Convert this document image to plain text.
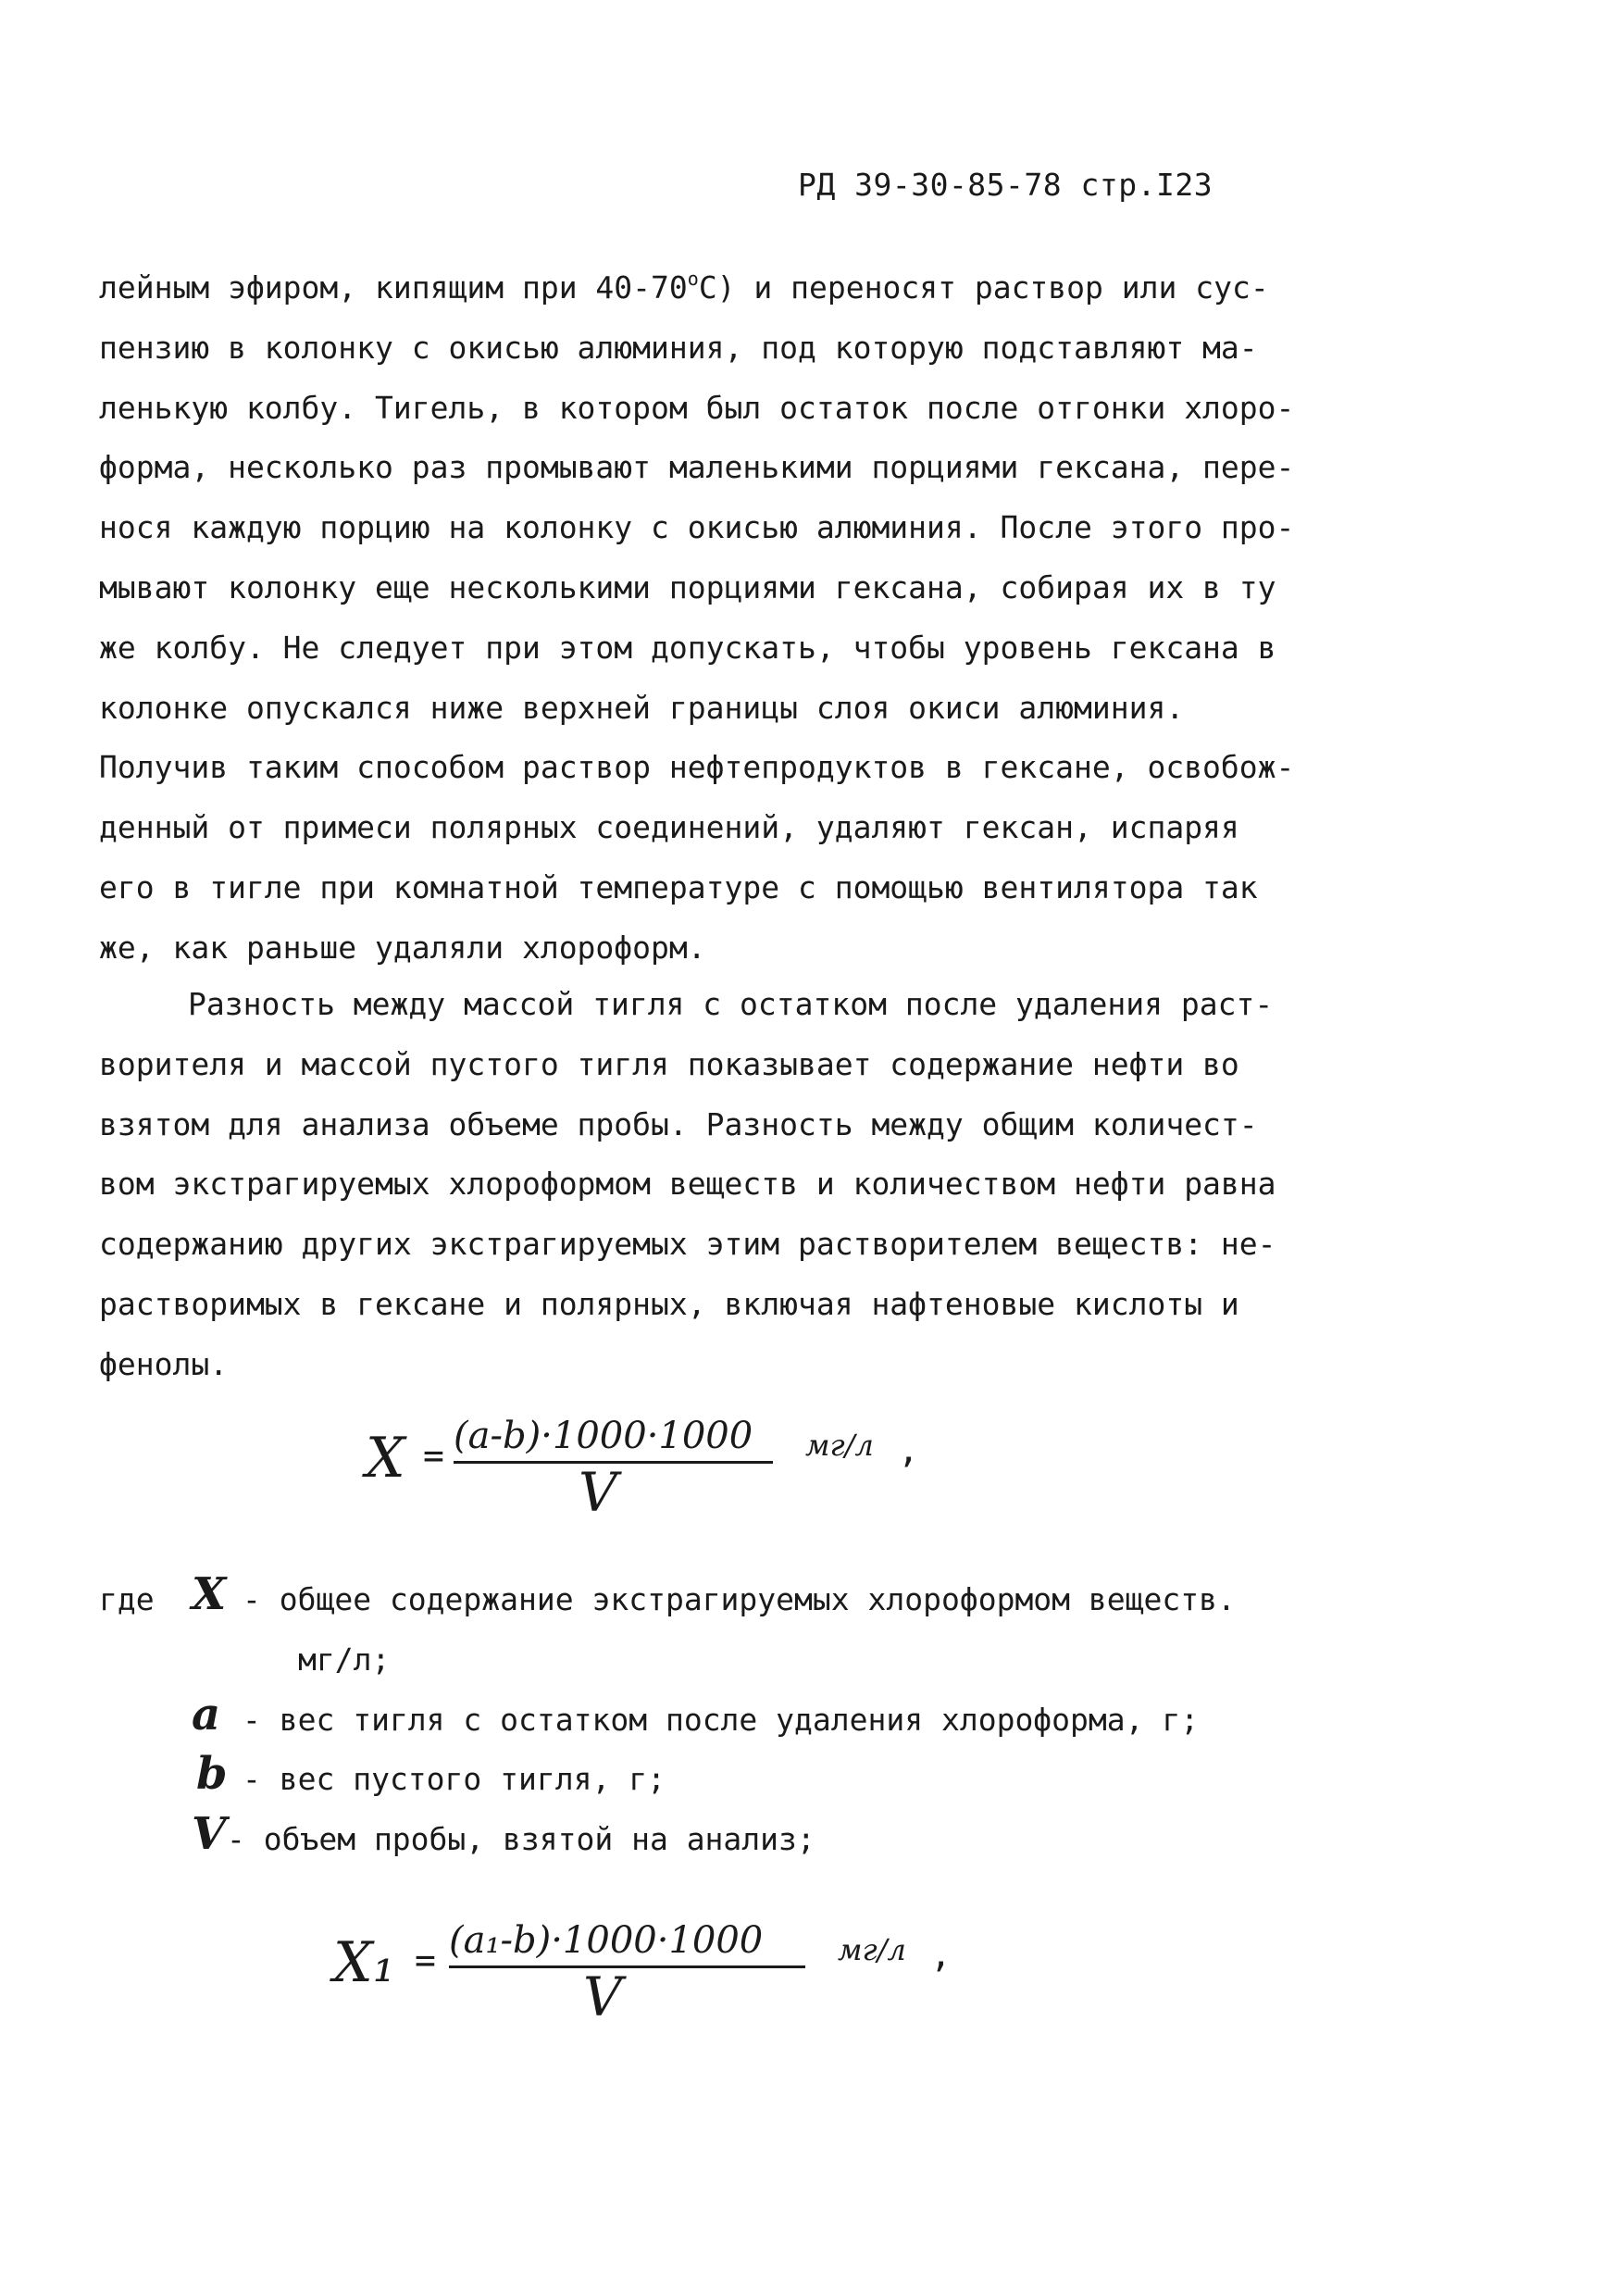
РД 39-30-85-78 стр.I23
лейным эфиром, кипящим при 40-70$^o$C) и переносят раствор или сус-
пензию в колонку с окисью алюминия, под которую подставляют ма-
ленькую колбу. Тигель, в котором был остаток после отгонки хлоро-
форма, несколько раз промывают маленькими порциями гексана, пере-
нося каждую порцию на колонку с окисью алюминия. После этого про-
мывают колонку еще несколькими порциями гексана, собирая их в ту
же колбу. Не следует при этом допускать, чтобы уровень гексана в
колонке опускался ниже верхней границы слоя окиси алюминия.
Получив таким способом раствор нефтепродуктов в гексане, освобож-
денный от примеси полярных соединений, удаляют гексан, испаряя
его в тигле при комнатной температуре с помощью вентилятора так
же, как раньше удаляли хлороформ.
Разность между массой тигля с остатком после удаления раст-
ворителя и массой пустого тигля показывает содержание нефти во
взятом для анализа объеме пробы. Разность между общим количест-
вом экстрагируемых хлороформом веществ и количеством нефти равна
содержанию других экстрагируемых этим растворителем веществ: не-
растворимых в гексане и полярных, включая нафтеновые кислоты и
фенолы.
X = (a-b)·1000·1000
V
мг/л ,
где X - общее содержание экстрагируемых хлороформом веществ.
мг/л;
a - вес тигля с остатком после удаления хлороформа, г;
b - вес пустого тигля, г;
V - объем пробы, взятой на анализ;
X₁ = (a₁-b)·1000·1000
V
мг/л ,
